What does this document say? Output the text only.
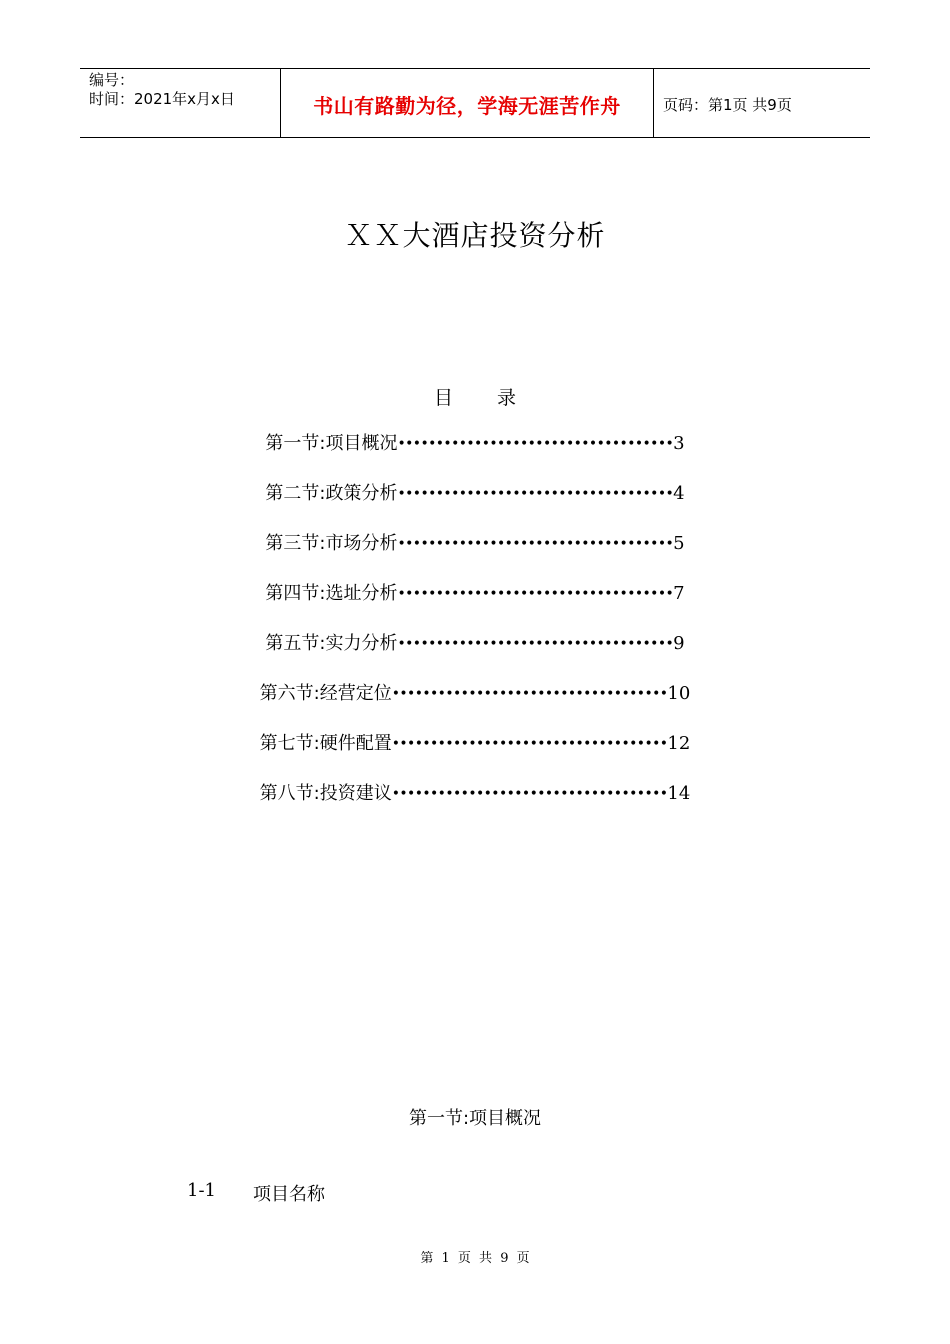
编号：
时间：2021年x月x日	书山有路勤为径，学海无涯苦作舟	页码：第1页 共9页
ＸＸ大酒店投资分析
目录
第一节:项目概况 •••••••••••••••••••••••••••••••••••• 3
第二节:政策分析 •••••••••••••••••••••••••••••••••••• 4
第三节:市场分析 •••••••••••••••••••••••••••••••••••• 5
第四节:选址分析 •••••••••••••••••••••••••••••••••••• 7
第五节:实力分析 •••••••••••••••••••••••••••••••••••• 9
第六节:经营定位 •••••••••••••••••••••••••••••••••••• 10
第七节:硬件配置 •••••••••••••••••••••••••••••••••••• 12
第八节:投资建议 •••••••••••••••••••••••••••••••••••• 14
第一节:项目概况
1-1	项目名称
第 1 页 共 9 页
